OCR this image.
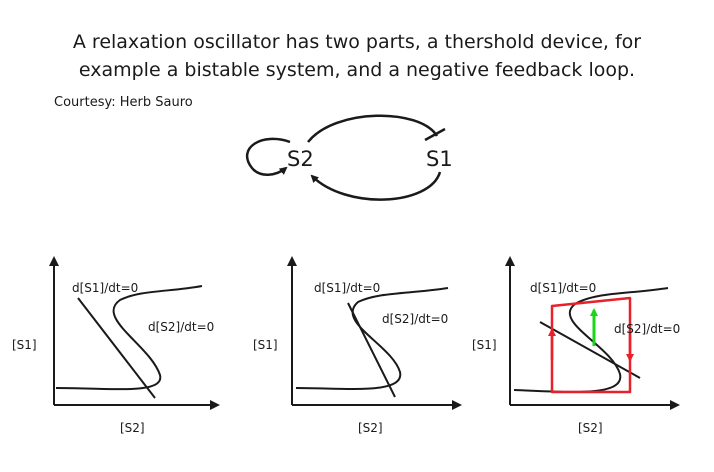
A relaxation oscillator has two parts, a thershold device, for
example a bistable system, and a negative feedback loop.
Courtesy: Herb Sauro
S2	S1
d[S1]/dt=0
d[S2]/dt=0
[S1]
[S2]
d[S1]/dt=0
d[S2]/dt=0
[S1]
[S2]
d[S1]/dt=0
d[S2]/dt=0
[S1]
[S2]
